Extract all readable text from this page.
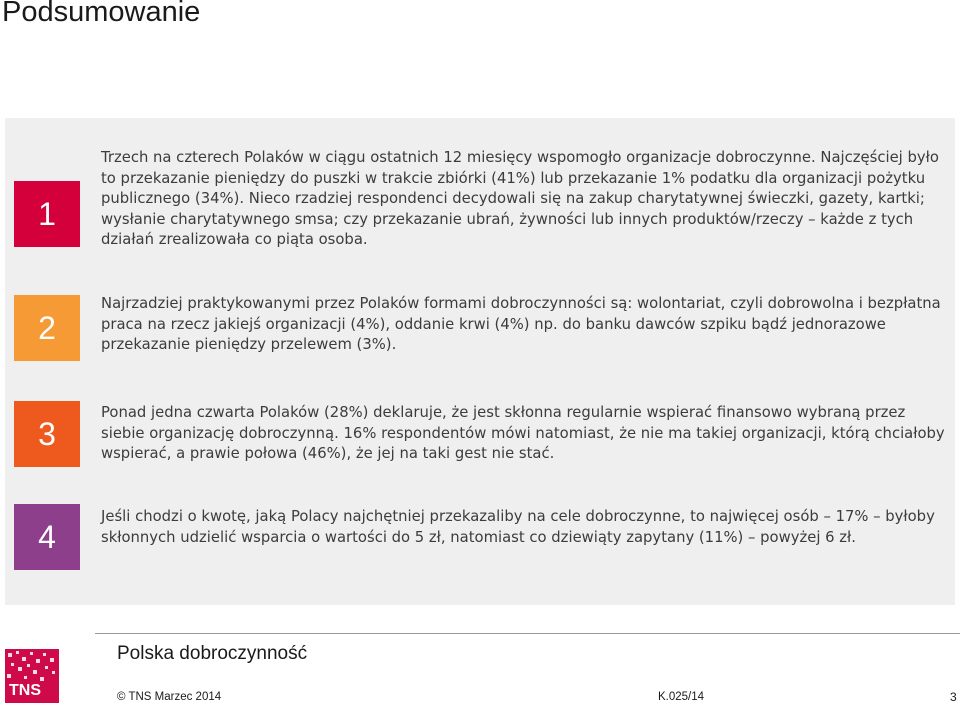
Podsumowanie
1

Trzech na czterech Polaków w ciągu ostatnich 12 miesięcy wspomogło organizacje dobroczynne. Najczęściej było to przekazanie pieniędzy do puszki w trakcie zbiórki (41%) lub przekazanie 1% podatku dla organizacji pożytku publicznego (34%). Nieco rzadziej respondenci decydowali się na zakup charytatywnej świeczki, gazety, kartki; wysłanie charytatywnego smsa; czy przekazanie ubrań, żywności lub innych produktów/rzeczy – każde z tych działań zrealizowała co piąta osoba.

2

Najrzadziej praktykowanymi przez Polaków formami dobroczynności są: wolontariat, czyli dobrowolna i bezpłatna praca na rzecz jakiejś organizacji (4%), oddanie krwi (4%) np. do banku dawców szpiku bądź jednorazowe przekazanie pieniędzy przelewem (3%).

3

Ponad jedna czwarta Polaków (28%) deklaruje, że jest skłonna regularnie wspierać finansowo wybraną przez siebie organizację dobroczynną. 16% respondentów mówi natomiast, że nie ma takiej organizacji, którą chciałoby wspierać, a prawie połowa (46%), że jej na taki gest nie stać.

4

Jeśli chodzi o kwotę, jaką Polacy najchętniej przekazaliby na cele dobroczynne, to najwięcej osób – 17% – byłoby skłonnych udzielić wsparcia o wartości do 5 zł, natomiast co dziewiąty zapytany (11%) – powyżej 6 zł.

TNS
Polska dobroczynność
© TNS Marzec 2014	K.025/14	3
